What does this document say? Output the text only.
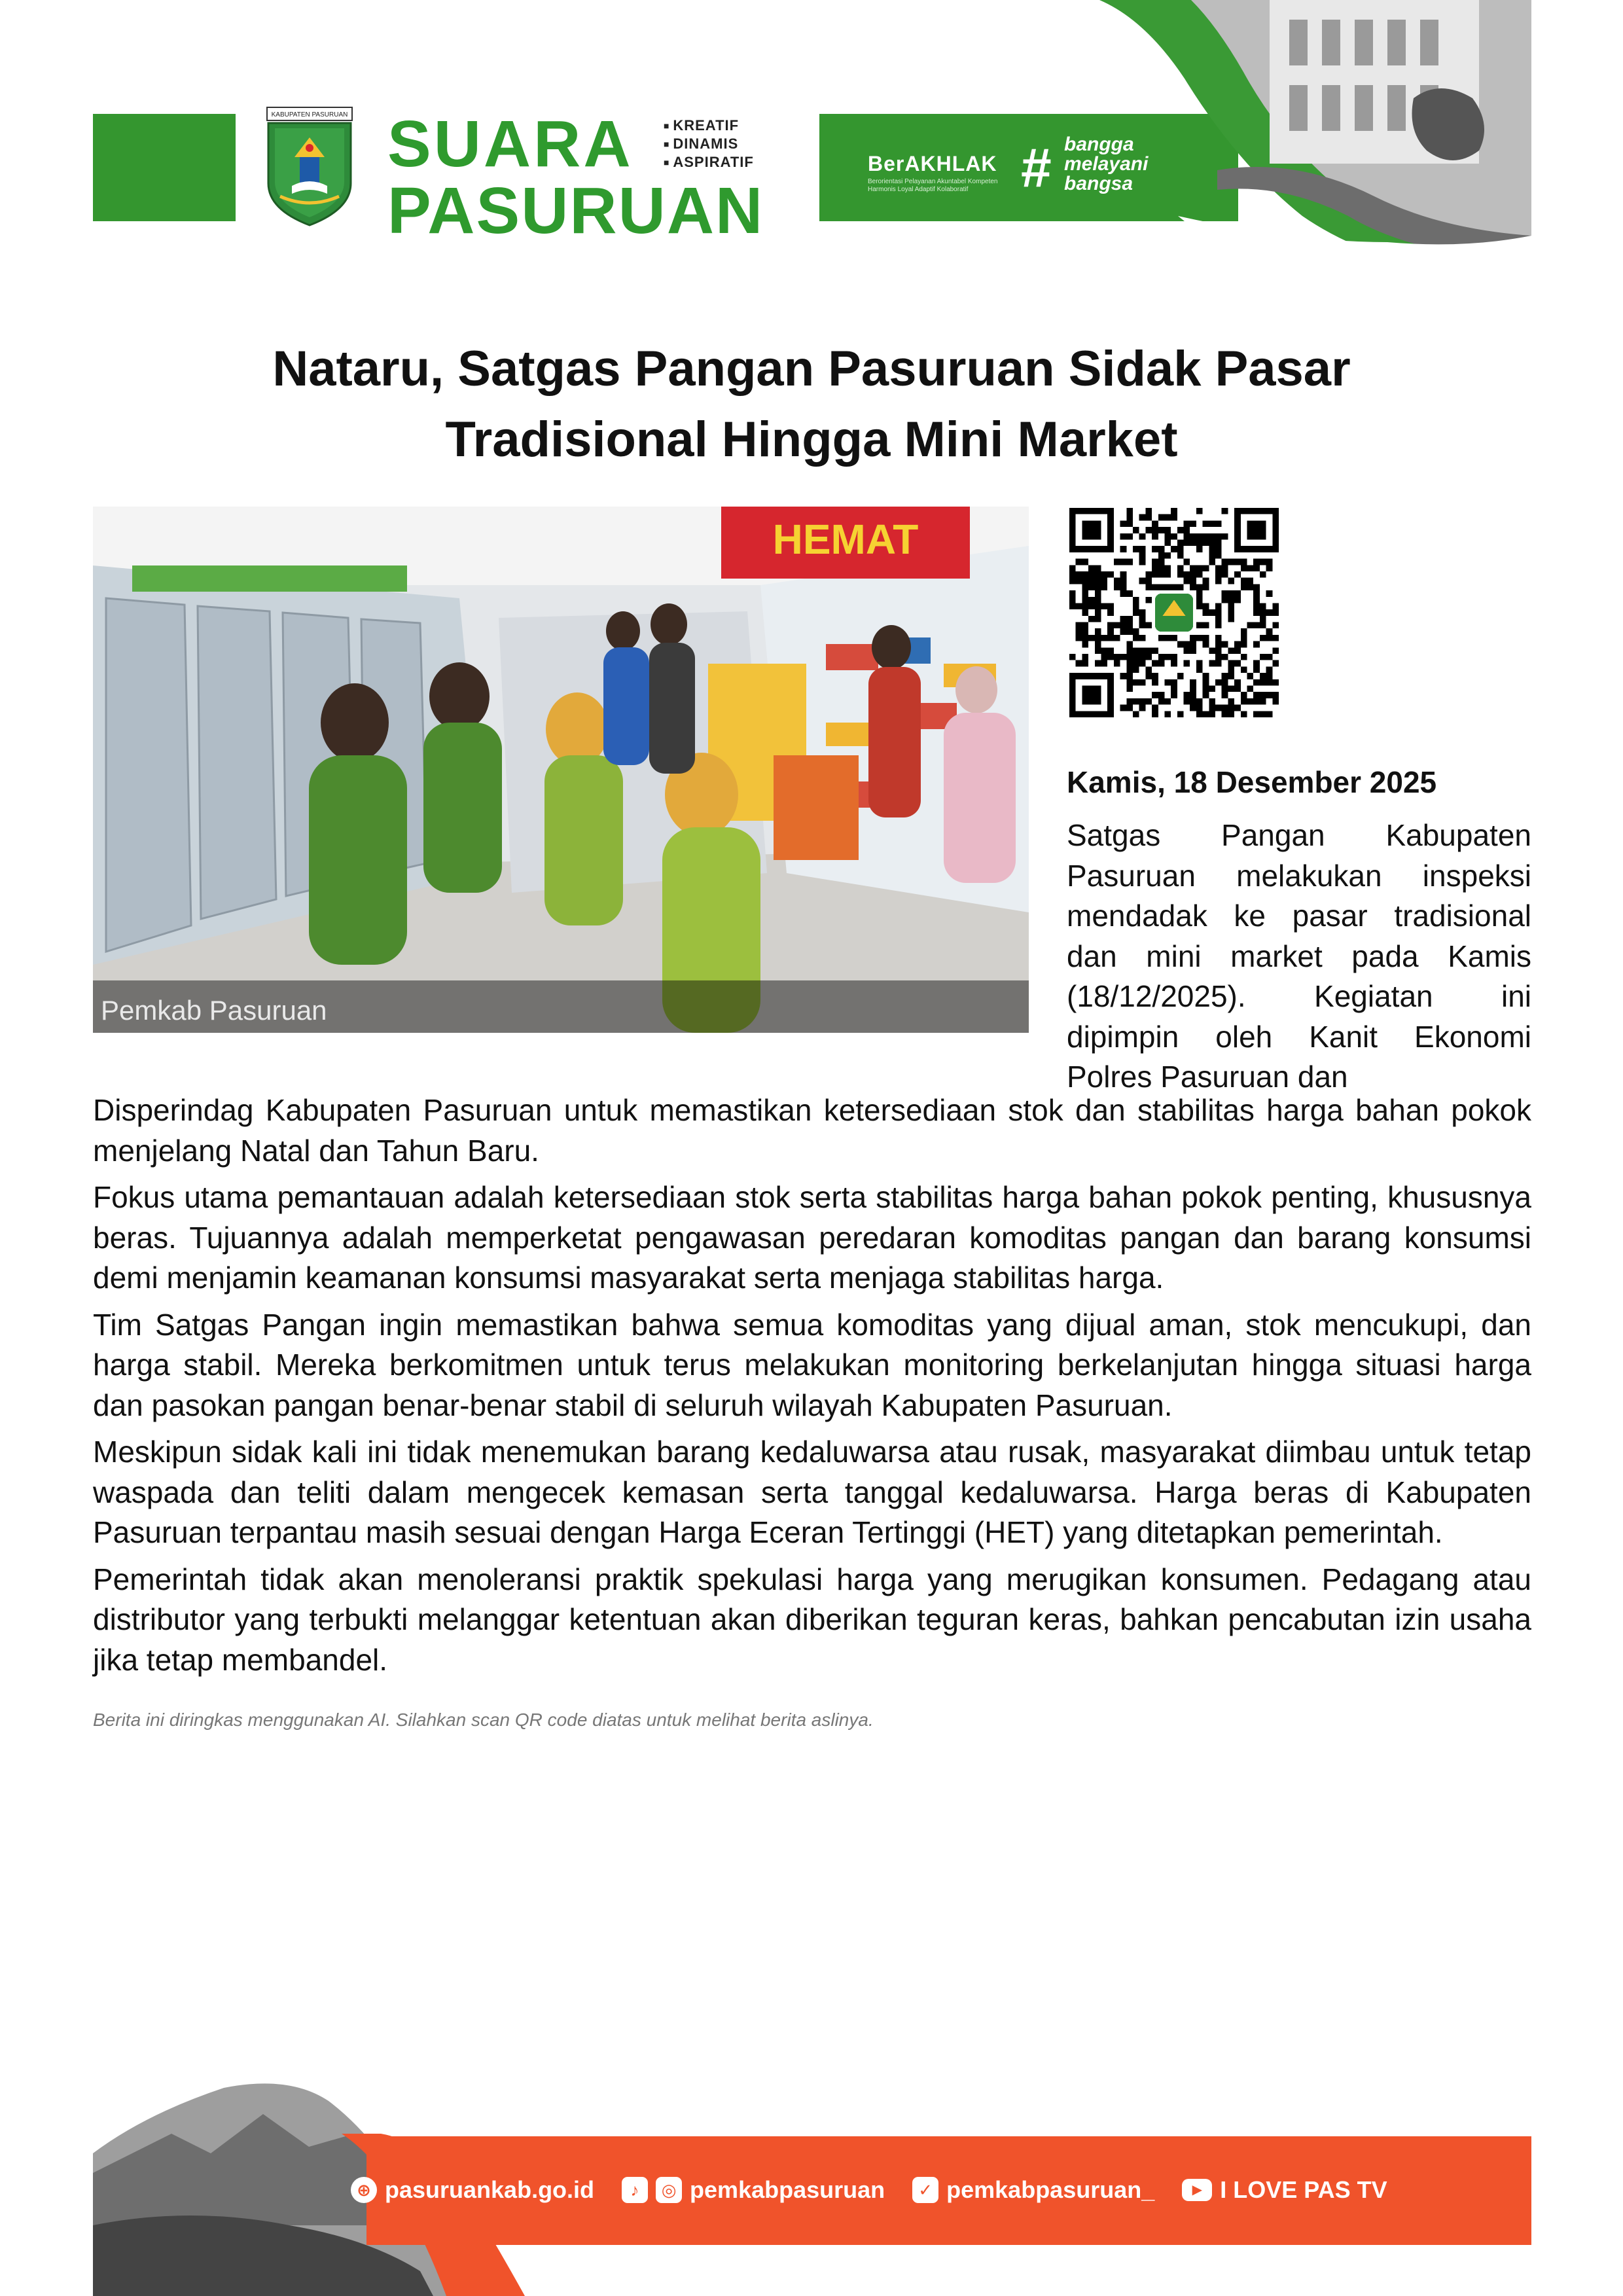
KABUPATEN PASURUAN SUARA
PASURUAN
■ KREATIF
■ DINAMIS
■ ASPIRATIF	BerAKHLAK
Berorientasi Pelayanan Akuntabel Kompeten Harmonis Loyal Adaptif Kolaboratif # bangga
melayani
bangsa
Nataru, Satgas Pangan Pasuruan Sidak Pasar
Tradisional Hingga Mini Market
HEMAT
Pemkab Pasuruan
Kamis, 18 Desember 2025
Satgas Pangan Kabupaten Pasuruan melakukan inspeksi mendadak ke pasar tradisional dan mini market pada Kamis (18/12/2025). Kegiatan ini dipimpin oleh Kanit Ekonomi Polres Pasuruan dan

Disperindag Kabupaten Pasuruan untuk memastikan ketersediaan stok dan stabilitas harga bahan pokok menjelang Natal dan Tahun Baru.

Fokus utama pemantauan adalah ketersediaan stok serta stabilitas harga bahan pokok penting, khususnya beras. Tujuannya adalah memperketat pengawasan peredaran komoditas pangan dan barang konsumsi demi menjamin keamanan konsumsi masyarakat serta menjaga stabilitas harga.

Tim Satgas Pangan ingin memastikan bahwa semua komoditas yang dijual aman, stok mencukupi, dan harga stabil. Mereka berkomitmen untuk terus melakukan monitoring berkelanjutan hingga situasi harga dan pasokan pangan benar-benar stabil di seluruh wilayah Kabupaten Pasuruan.

Meskipun sidak kali ini tidak menemukan barang kedaluwarsa atau rusak, masyarakat diimbau untuk tetap waspada dan teliti dalam mengecek kemasan serta tanggal kedaluwarsa. Harga beras di Kabupaten Pasuruan terpantau masih sesuai dengan Harga Eceran Tertinggi (HET) yang ditetapkan pemerintah.

Pemerintah tidak akan menoleransi praktik spekulasi harga yang merugikan konsumen. Pedagang atau distributor yang terbukti melanggar ketentuan akan diberikan teguran keras, bahkan pencabutan izin usaha jika tetap membandel.

Berita ini diringkas menggunakan AI. Silahkan scan QR code diatas untuk melihat berita aslinya.
⊕ pasuruankab.go.id	♪	◎ pemkabpasuruan	✓ pemkabpasuruan_	▶ I LOVE PAS TV
